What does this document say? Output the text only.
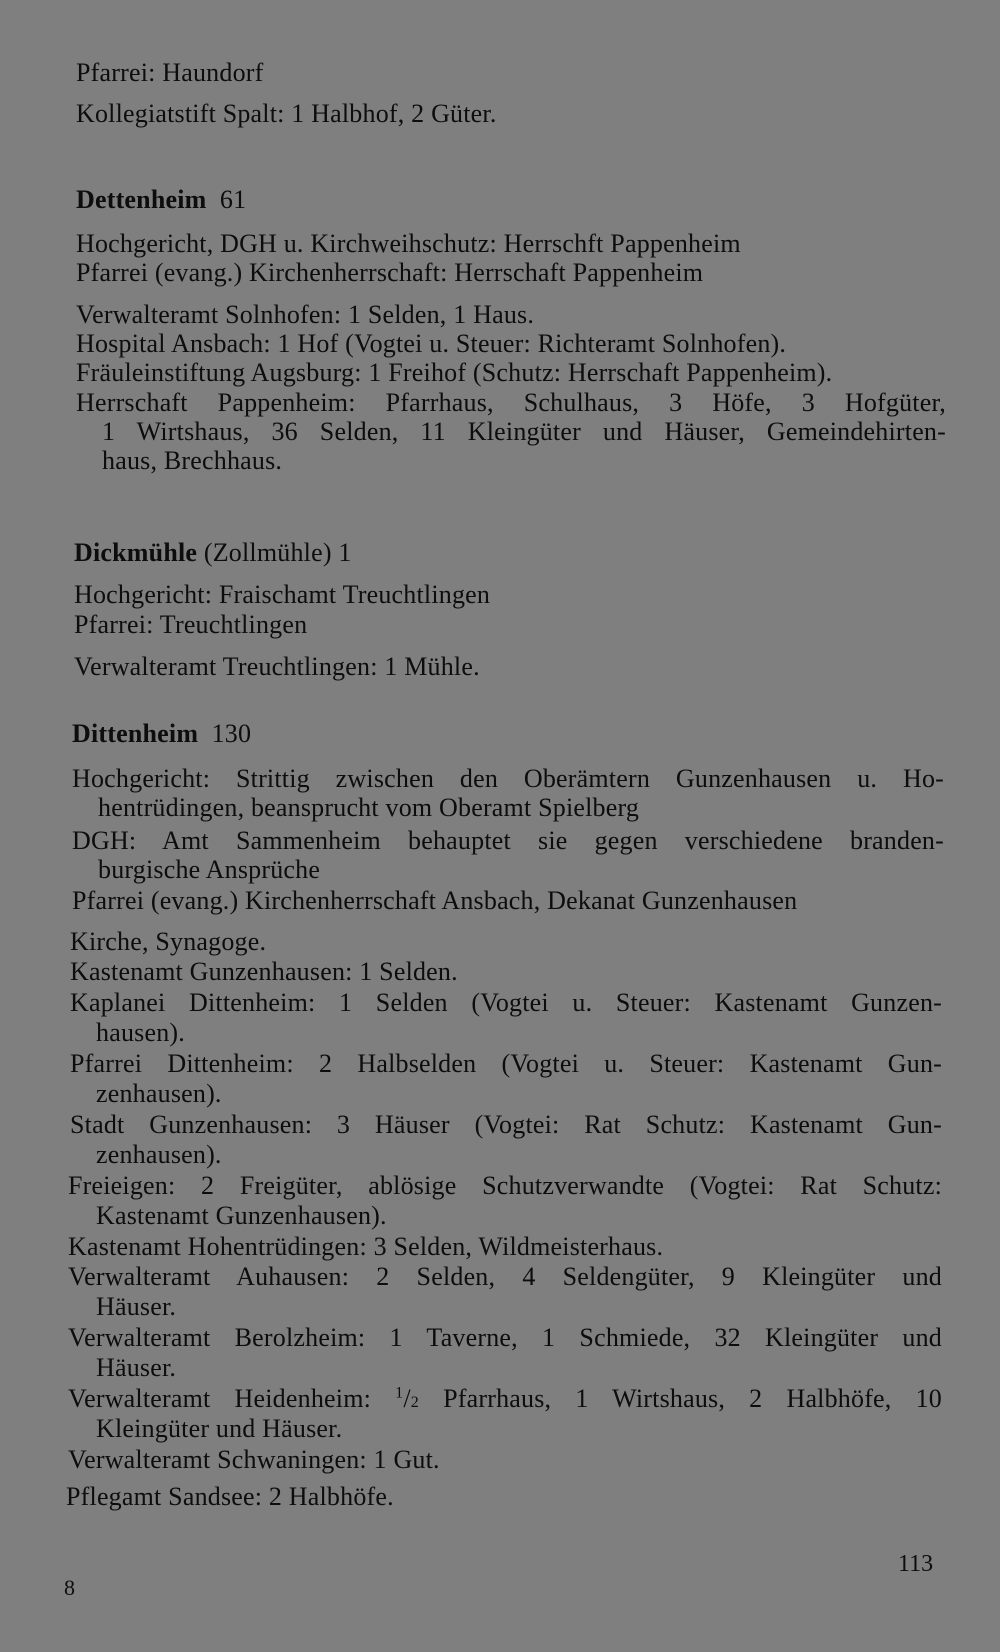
Pfarrei: Haundorf
Kollegiatstift Spalt: 1 Halbhof, 2 Güter.
Dettenheim 61
Hochgericht, DGH u. Kirchweihschutz: Herrschft Pappenheim
Pfarrei (evang.) Kirchenherrschaft: Herrschaft Pappenheim
Verwalteramt Solnhofen: 1 Selden, 1 Haus.
Hospital Ansbach: 1 Hof (Vogtei u. Steuer: Richteramt Solnhofen).
Fräuleinstiftung Augsburg: 1 Freihof (Schutz: Herrschaft Pappenheim).
Herrschaft Pappenheim: Pfarrhaus, Schulhaus, 3 Höfe, 3 Hofgüter,
1 Wirtshaus, 36 Selden, 11 Kleingüter und Häuser, Gemeindehirten-
haus, Brechhaus.
Dickmühle (Zollmühle) 1
Hochgericht: Fraischamt Treuchtlingen
Pfarrei: Treuchtlingen
Verwalteramt Treuchtlingen: 1 Mühle.
Dittenheim 130
Hochgericht: Strittig zwischen den Oberämtern Gunzenhausen u. Ho-
hentrüdingen, beansprucht vom Oberamt Spielberg
DGH: Amt Sammenheim behauptet sie gegen verschiedene branden-
burgische Ansprüche
Pfarrei (evang.) Kirchenherrschaft Ansbach, Dekanat Gunzenhausen
Kirche, Synagoge.
Kastenamt Gunzenhausen: 1 Selden.
Kaplanei Dittenheim: 1 Selden (Vogtei u. Steuer: Kastenamt Gunzen-
hausen).
Pfarrei Dittenheim: 2 Halbselden (Vogtei u. Steuer: Kastenamt Gun-
zenhausen).
Stadt Gunzenhausen: 3 Häuser (Vogtei: Rat Schutz: Kastenamt Gun-
zenhausen).
Freieigen: 2 Freigüter, ablösige Schutzverwandte (Vogtei: Rat Schutz:
Kastenamt Gunzenhausen).
Kastenamt Hohentrüdingen: 3 Selden, Wildmeisterhaus.
Verwalteramt Auhausen: 2 Selden, 4 Seldengüter, 9 Kleingüter und
Häuser.
Verwalteramt Berolzheim: 1 Taverne, 1 Schmiede, 32 Kleingüter und
Häuser.
Verwalteramt Heidenheim: $^1$/2 Pfarrhaus, 1 Wirtshaus, 2 Halbhöfe, 10
Kleingüter und Häuser.
Verwalteramt Schwaningen: 1 Gut.
Pflegamt Sandsee: 2 Halbhöfe.
8
113
